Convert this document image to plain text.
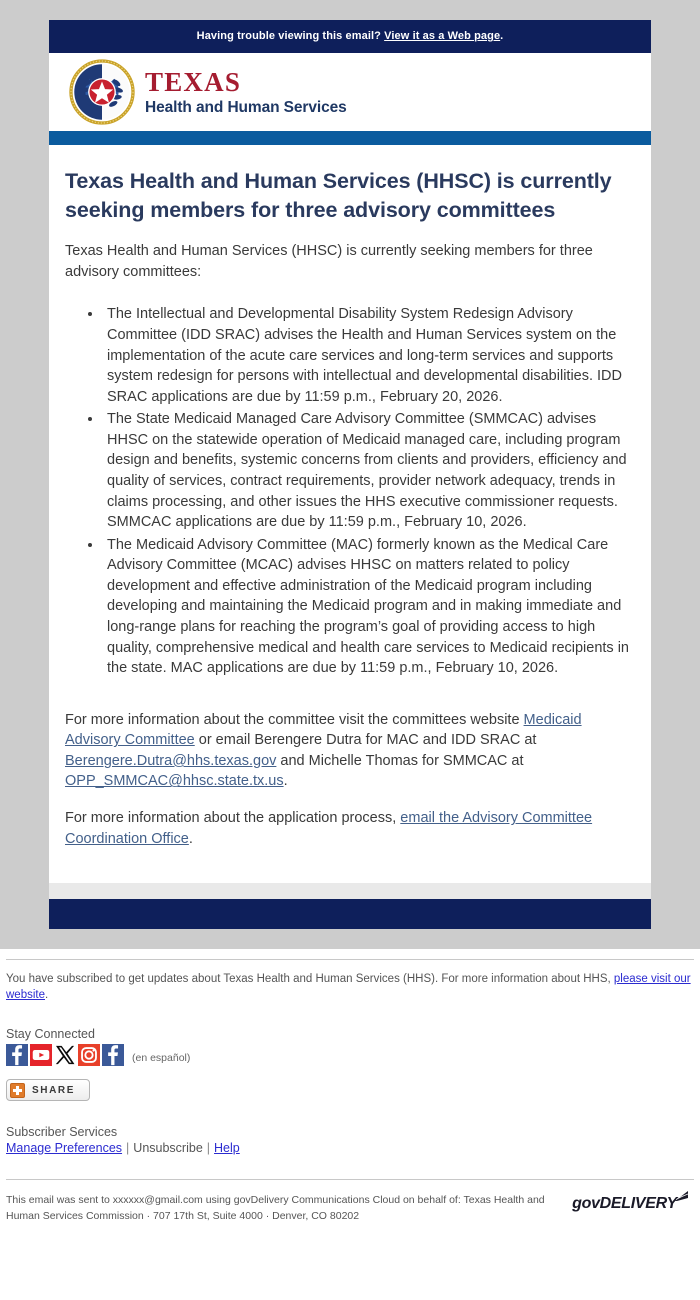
Having trouble viewing this email? View it as a Web page.
TEXAS
Health and Human Services
Texas Health and Human Services (HHSC) is currently seeking members for three advisory committees

Texas Health and Human Services (HHSC) is currently seeking members for three advisory committees:

• The Intellectual and Developmental Disability System Redesign Advisory Committee (IDD SRAC) advises the Health and Human Services system on the implementation of the acute care services and long-term services and supports system redesign for persons with intellectual and developmental disabilities. IDD SRAC applications are due by 11:59 p.m., February 20, 2026.
• The State Medicaid Managed Care Advisory Committee (SMMCAC) advises HHSC on the statewide operation of Medicaid managed care, including program design and benefits, systemic concerns from clients and providers, efficiency and quality of services, contract requirements, provider network adequacy, trends in claims processing, and other issues the HHS executive commissioner requests. SMMCAC applications are due by 11:59 p.m., February 10, 2026.
• The Medicaid Advisory Committee (MAC) formerly known as the Medical Care Advisory Committee (MCAC) advises HHSC on matters related to policy development and effective administration of the Medicaid program including developing and maintaining the Medicaid program and in making immediate and long-range plans for reaching the program’s goal of providing access to high quality, comprehensive medical and health care services to Medicaid recipients in the state. MAC applications are due by 11:59 p.m., February 10, 2026.

For more information about the committee visit the committees website Medicaid Advisory Committee or email Berengere Dutra for MAC and IDD SRAC at Berengere.Dutra@hhs.texas.gov and Michelle Thomas for SMMCAC at OPP_SMMCAC@hhsc.state.tx.us.

For more information about the application process, email the Advisory Committee Coordination Office.

You have subscribed to get updates about Texas Health and Human Services (HHS). For more information about HHS, please visit our website.
Stay Connected
(en español)
SHARE
Subscriber Services
Manage Preferences | Unsubscribe | Help
This email was sent to xxxxxx@gmail.com using govDelivery Communications Cloud on behalf of: Texas Health and Human Services Commission · 707 17th St, Suite 4000 · Denver, CO 80202
govDELIVERY
